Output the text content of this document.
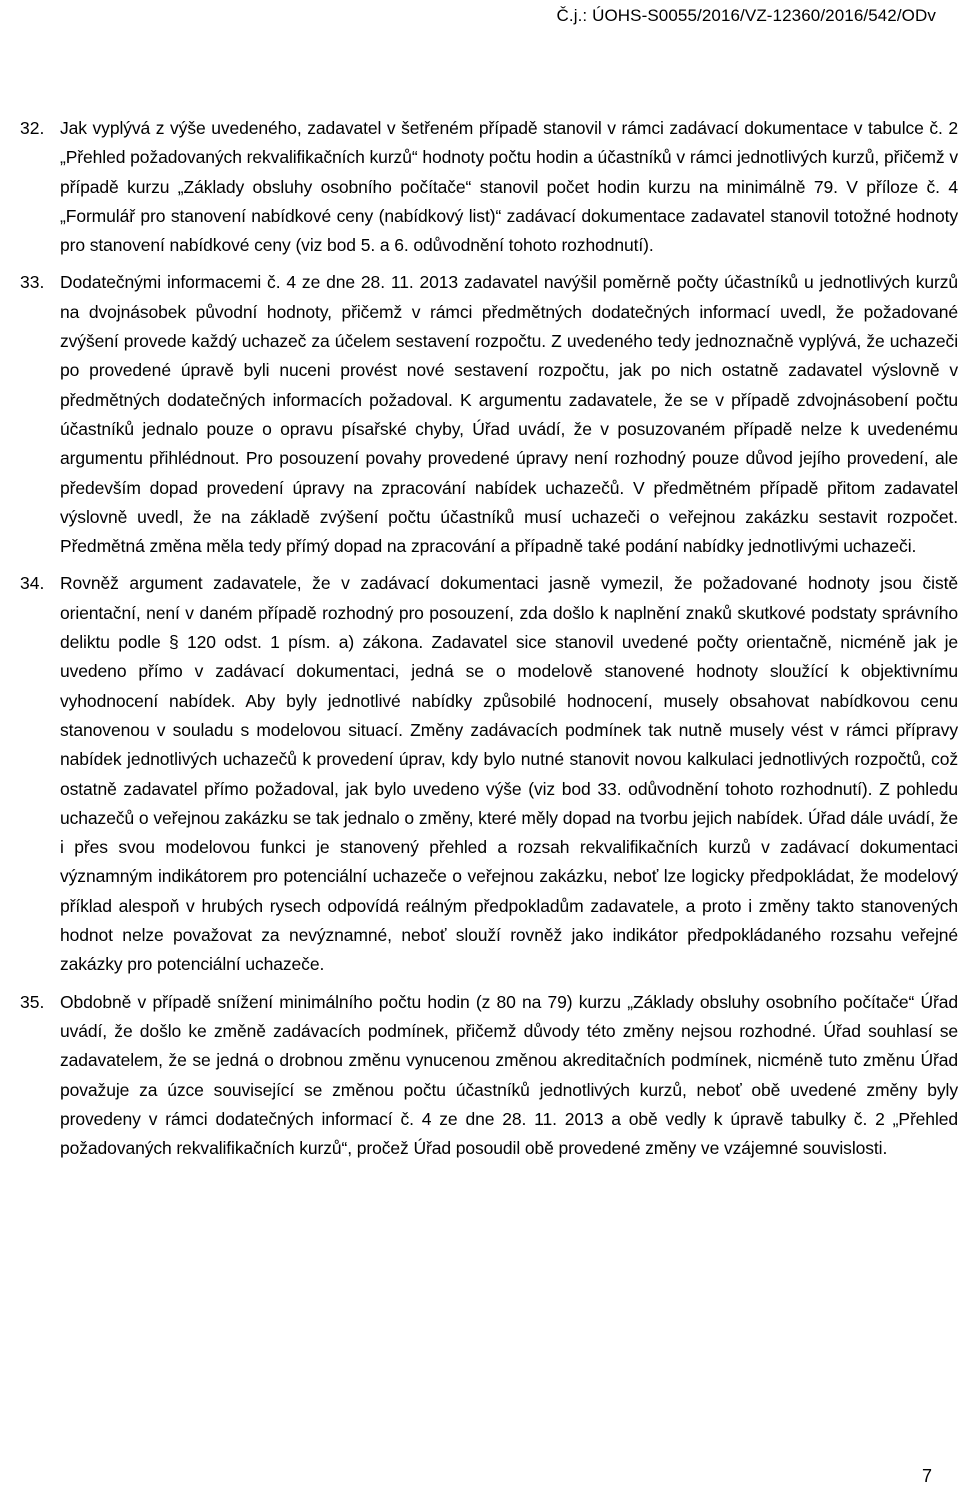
Č.j.: ÚOHS-S0055/2016/VZ-12360/2016/542/ODv
32. Jak vyplývá z výše uvedeného, zadavatel v šetřeném případě stanovil v rámci zadávací dokumentace v tabulce č. 2 „Přehled požadovaných rekvalifikačních kurzů“ hodnoty počtu hodin a účastníků v rámci jednotlivých kurzů, přičemž v případě kurzu „Základy obsluhy osobního počítače“ stanovil počet hodin kurzu na minimálně 79. V příloze č. 4 „Formulář pro stanovení nabídkové ceny (nabídkový list)“ zadávací dokumentace zadavatel stanovil totožné hodnoty pro stanovení nabídkové ceny (viz bod 5. a 6. odůvodnění tohoto rozhodnutí).
33. Dodatečnými informacemi č. 4 ze dne 28. 11. 2013 zadavatel navýšil poměrně počty účastníků u jednotlivých kurzů na dvojnásobek původní hodnoty, přičemž v rámci předmětných dodatečných informací uvedl, že požadované zvýšení provede každý uchazeč za účelem sestavení rozpočtu. Z uvedeného tedy jednoznačně vyplývá, že uchazeči po provedené úpravě byli nuceni provést nové sestavení rozpočtu, jak po nich ostatně zadavatel výslovně v předmětných dodatečných informacích požadoval. K argumentu zadavatele, že se v případě zdvojnásobení počtu účastníků jednalo pouze o opravu písařské chyby, Úřad uvádí, že v posuzovaném případě nelze k uvedenému argumentu přihlédnout. Pro posouzení povahy provedené úpravy není rozhodný pouze důvod jejího provedení, ale především dopad provedení úpravy na zpracování nabídek uchazečů. V předmětném případě přitom zadavatel výslovně uvedl, že na základě zvýšení počtu účastníků musí uchazeči o veřejnou zakázku sestavit rozpočet. Předmětná změna měla tedy přímý dopad na zpracování a případně také podání nabídky jednotlivými uchazeči.
34. Rovněž argument zadavatele, že v zadávací dokumentaci jasně vymezil, že požadované hodnoty jsou čistě orientační, není v daném případě rozhodný pro posouzení, zda došlo k naplnění znaků skutkové podstaty správního deliktu podle § 120 odst. 1 písm. a) zákona. Zadavatel sice stanovil uvedené počty orientačně, nicméně jak je uvedeno přímo v zadávací dokumentaci, jedná se o modelově stanovené hodnoty sloužící k objektivnímu vyhodnocení nabídek. Aby byly jednotlivé nabídky způsobilé hodnocení, musely obsahovat nabídkovou cenu stanovenou v souladu s modelovou situací. Změny zadávacích podmínek tak nutně musely vést v rámci přípravy nabídek jednotlivých uchazečů k provedení úprav, kdy bylo nutné stanovit novou kalkulaci jednotlivých rozpočtů, což ostatně zadavatel přímo požadoval, jak bylo uvedeno výše (viz bod 33. odůvodnění tohoto rozhodnutí). Z pohledu uchazečů o veřejnou zakázku se tak jednalo o změny, které měly dopad na tvorbu jejich nabídek. Úřad dále uvádí, že i přes svou modelovou funkci je stanovený přehled a rozsah rekvalifikačních kurzů v zadávací dokumentaci významným indikátorem pro potenciální uchazeče o veřejnou zakázku, neboť lze logicky předpokládat, že modelový příklad alespoň v hrubých rysech odpovídá reálným předpokladům zadavatele, a proto i změny takto stanovených hodnot nelze považovat za nevýznamné, neboť slouží rovněž jako indikátor předpokládaného rozsahu veřejné zakázky pro potenciální uchazeče.
35. Obdobně v případě snížení minimálního počtu hodin (z 80 na 79) kurzu „Základy obsluhy osobního počítače“ Úřad uvádí, že došlo ke změně zadávacích podmínek, přičemž důvody této změny nejsou rozhodné. Úřad souhlasí se zadavatelem, že se jedná o drobnou změnu vynucenou změnou akreditačních podmínek, nicméně tuto změnu Úřad považuje za úzce související se změnou počtu účastníků jednotlivých kurzů, neboť obě uvedené změny byly provedeny v rámci dodatečných informací č. 4 ze dne 28. 11. 2013 a obě vedly k úpravě tabulky č. 2 „Přehled požadovaných rekvalifikačních kurzů“, pročež Úřad posoudil obě provedené změny ve vzájemné souvislosti.
7
